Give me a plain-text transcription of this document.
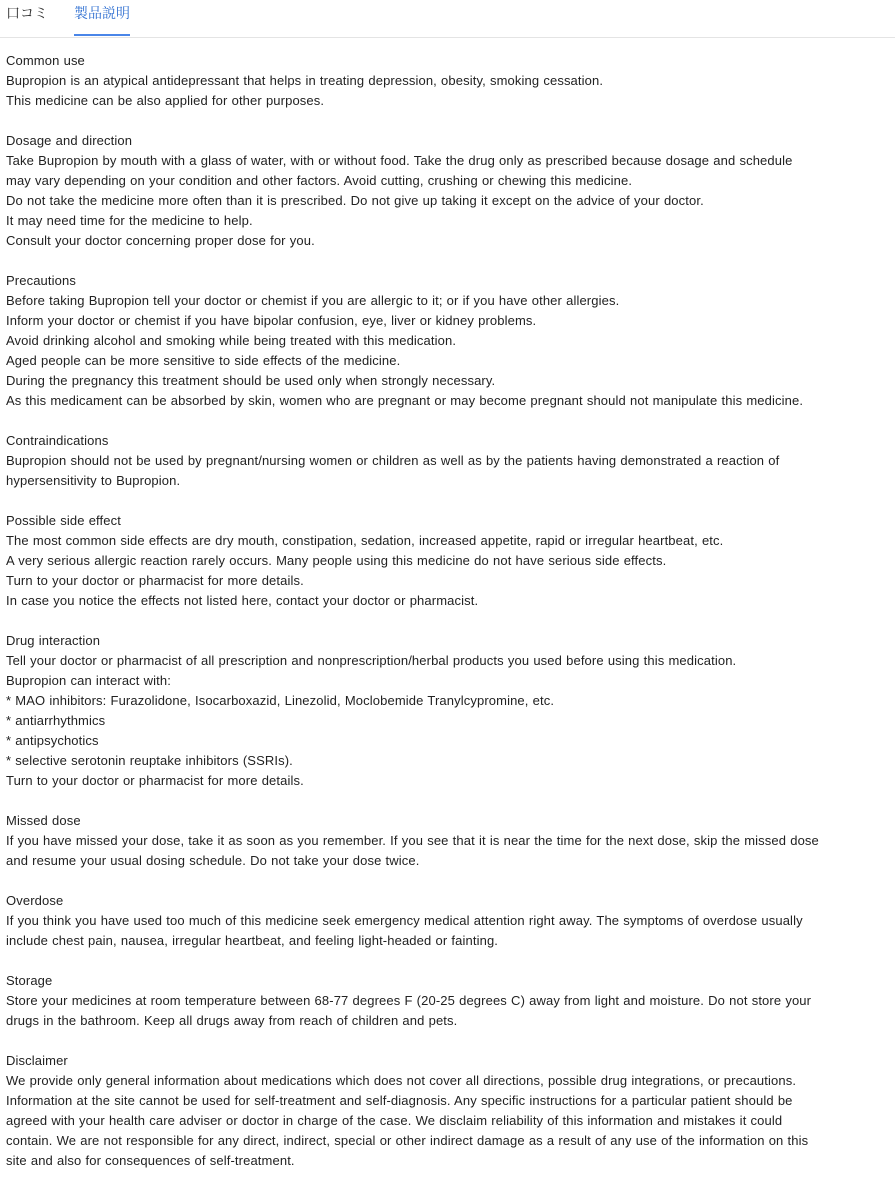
口コミ 製品説明
Common use
Bupropion is an atypical antidepressant that helps in treating depression, obesity, smoking cessation.
This medicine can be also applied for other purposes.
Dosage and direction
Take Bupropion by mouth with a glass of water, with or without food. Take the drug only as prescribed because dosage and schedule
may vary depending on your condition and other factors. Avoid cutting, crushing or chewing this medicine.
Do not take the medicine more often than it is prescribed. Do not give up taking it except on the advice of your doctor.
It may need time for the medicine to help.
Consult your doctor concerning proper dose for you.
Precautions
Before taking Bupropion tell your doctor or chemist if you are allergic to it; or if you have other allergies.
Inform your doctor or chemist if you have bipolar confusion, eye, liver or kidney problems.
Avoid drinking alcohol and smoking while being treated with this medication.
Aged people can be more sensitive to side effects of the medicine.
During the pregnancy this treatment should be used only when strongly necessary.
As this medicament can be absorbed by skin, women who are pregnant or may become pregnant should not manipulate this medicine.
Contraindications
Bupropion should not be used by pregnant/nursing women or children as well as by the patients having demonstrated a reaction of
hypersensitivity to Bupropion.
Possible side effect
The most common side effects are dry mouth, constipation, sedation, increased appetite, rapid or irregular heartbeat, etc.
A very serious allergic reaction rarely occurs. Many people using this medicine do not have serious side effects.
Turn to your doctor or pharmacist for more details.
In case you notice the effects not listed here, contact your doctor or pharmacist.
Drug interaction
Tell your doctor or pharmacist of all prescription and nonprescription/herbal products you used before using this medication.
Bupropion can interact with:
* MAO inhibitors: Furazolidone, Isocarboxazid, Linezolid, Moclobemide Tranylcypromine, etc.
* antiarrhythmics
* antipsychotics
* selective serotonin reuptake inhibitors (SSRIs).
Turn to your doctor or pharmacist for more details.
Missed dose
If you have missed your dose, take it as soon as you remember. If you see that it is near the time for the next dose, skip the missed dose
and resume your usual dosing schedule. Do not take your dose twice.
Overdose
If you think you have used too much of this medicine seek emergency medical attention right away. The symptoms of overdose usually
include chest pain, nausea, irregular heartbeat, and feeling light-headed or fainting.
Storage
Store your medicines at room temperature between 68-77 degrees F (20-25 degrees C) away from light and moisture. Do not store your
drugs in the bathroom. Keep all drugs away from reach of children and pets.
Disclaimer
We provide only general information about medications which does not cover all directions, possible drug integrations, or precautions.
Information at the site cannot be used for self-treatment and self-diagnosis. Any specific instructions for a particular patient should be
agreed with your health care adviser or doctor in charge of the case. We disclaim reliability of this information and mistakes it could
contain. We are not responsible for any direct, indirect, special or other indirect damage as a result of any use of the information on this
site and also for consequences of self-treatment.
